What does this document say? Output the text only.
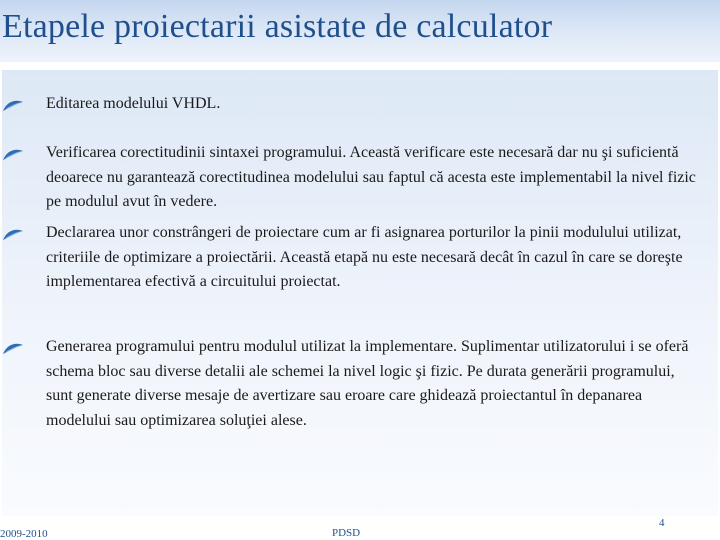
Etapele proiectarii asistate de calculator
Editarea modelului VHDL.
Verificarea corectitudinii sintaxei programului. Această verificare este necesară dar nu şi suficientă deoarece nu garantează corectitudinea modelului sau faptul că acesta este implementabil la nivel fizic pe modulul avut în vedere.
Declararea unor constrângeri de proiectare cum ar fi asignarea porturilor la pinii modulului utilizat, criteriile de optimizare a proiectării. Această etapă nu este necesară decât în cazul în care se doreşte implementarea efectivă a circuitului proiectat.
Generarea programului pentru modulul utilizat la implementare. Suplimentar utilizatorului i se oferă schema bloc sau diverse detalii ale schemei la nivel logic şi fizic. Pe durata generării programului, sunt generate diverse mesaje de avertizare sau eroare care ghidează proiectantul în depanarea modelului sau optimizarea soluţiei alese.
2009-2010	PDSD
4
